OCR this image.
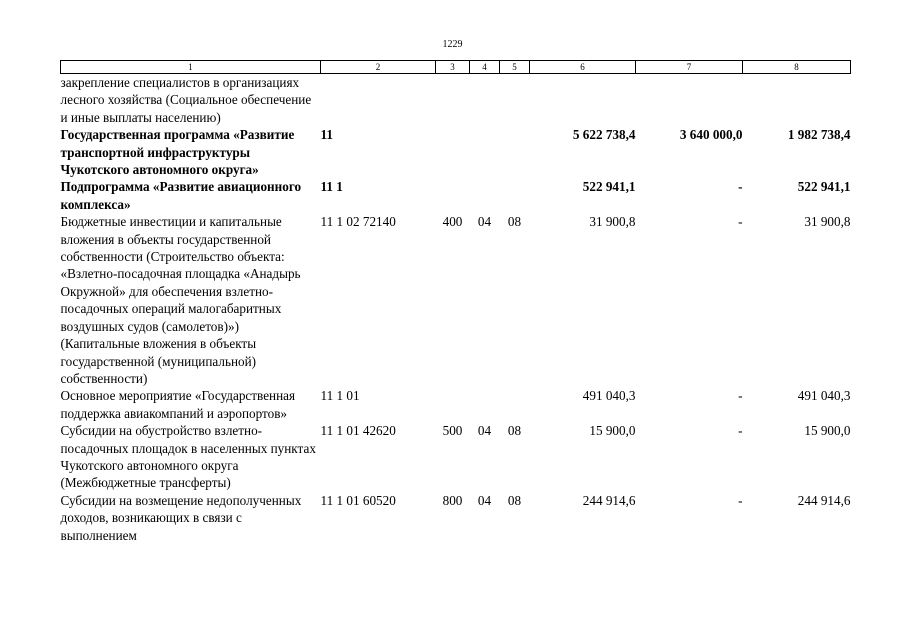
1229
1	2	3	4	5	6	7	8
закрепление специалистов в организациях лесного хозяйства (Социальное обеспечение и иные выплаты населению)							
Государственная программа «Развитие транспортной инфраструктуры Чукотского автономного округа»	11				5 622 738,4	3 640 000,0	1 982 738,4
Подпрограмма «Развитие авиационного комплекса»	11 1				522 941,1	-	522 941,1
Бюджетные инвестиции и капитальные вложения в объекты государственной собственности (Строительство объекта: «Взлетно-посадочная площадка «Анадырь Окружной» для обеспечения взлетно-посадочных операций малогабаритных воздушных судов (самолетов)») (Капитальные вложения в объекты государственной (муниципальной) собственности)	11 1 02 72140	400	04	08	31 900,8	-	31 900,8
Основное мероприятие «Государственная поддержка авиакомпаний и аэропортов»	11 1 01				491 040,3	-	491 040,3
Субсидии на обустройство взлетно-посадочных площадок в населенных пунктах Чукотского автономного округа (Межбюджетные трансферты)	11 1 01 42620	500	04	08	15 900,0	-	15 900,0
Субсидии на возмещение недополученных доходов, возникающих в связи с выполнением	11 1 01 60520	800	04	08	244 914,6	-	244 914,6
